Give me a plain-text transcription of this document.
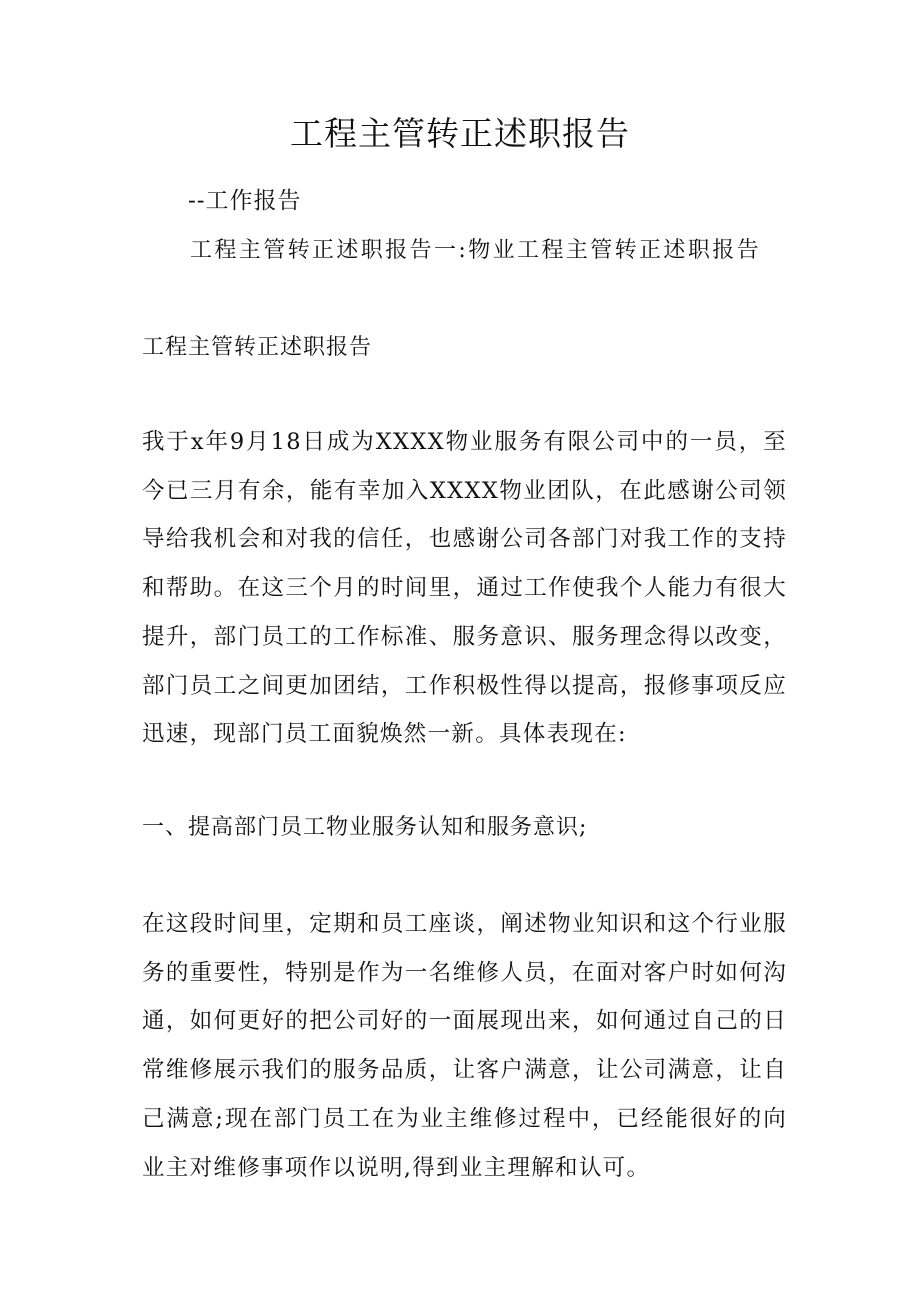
工程主管转正述职报告
--工作报告
工程主管转正述职报告一:物业工程主管转正述职报告
工程主管转正述职报告

我于x年9月18日成为XXXX物业服务有限公司中的一员，至今已三月有余，能有幸加入XXXX物业团队，在此感谢公司领导给我机会和对我的信任，也感谢公司各部门对我工作的支持和帮助。在这三个月的时间里，通过工作使我个人能力有很大提升，部门员工的工作标准、服务意识、服务理念得以改变，部门员工之间更加团结，工作积极性得以提高，报修事项反应迅速，现部门员工面貌焕然一新。具体表现在:

一、提高部门员工物业服务认知和服务意识;

在这段时间里，定期和员工座谈，阐述物业知识和这个行业服务的重要性，特别是作为一名维修人员，在面对客户时如何沟通，如何更好的把公司好的一面展现出来，如何通过自己的日常维修展示我们的服务品质，让客户满意，让公司满意，让自己满意;现在部门员工在为业主维修过程中，已经能很好的向业主对维修事项作以说明,得到业主理解和认可。
